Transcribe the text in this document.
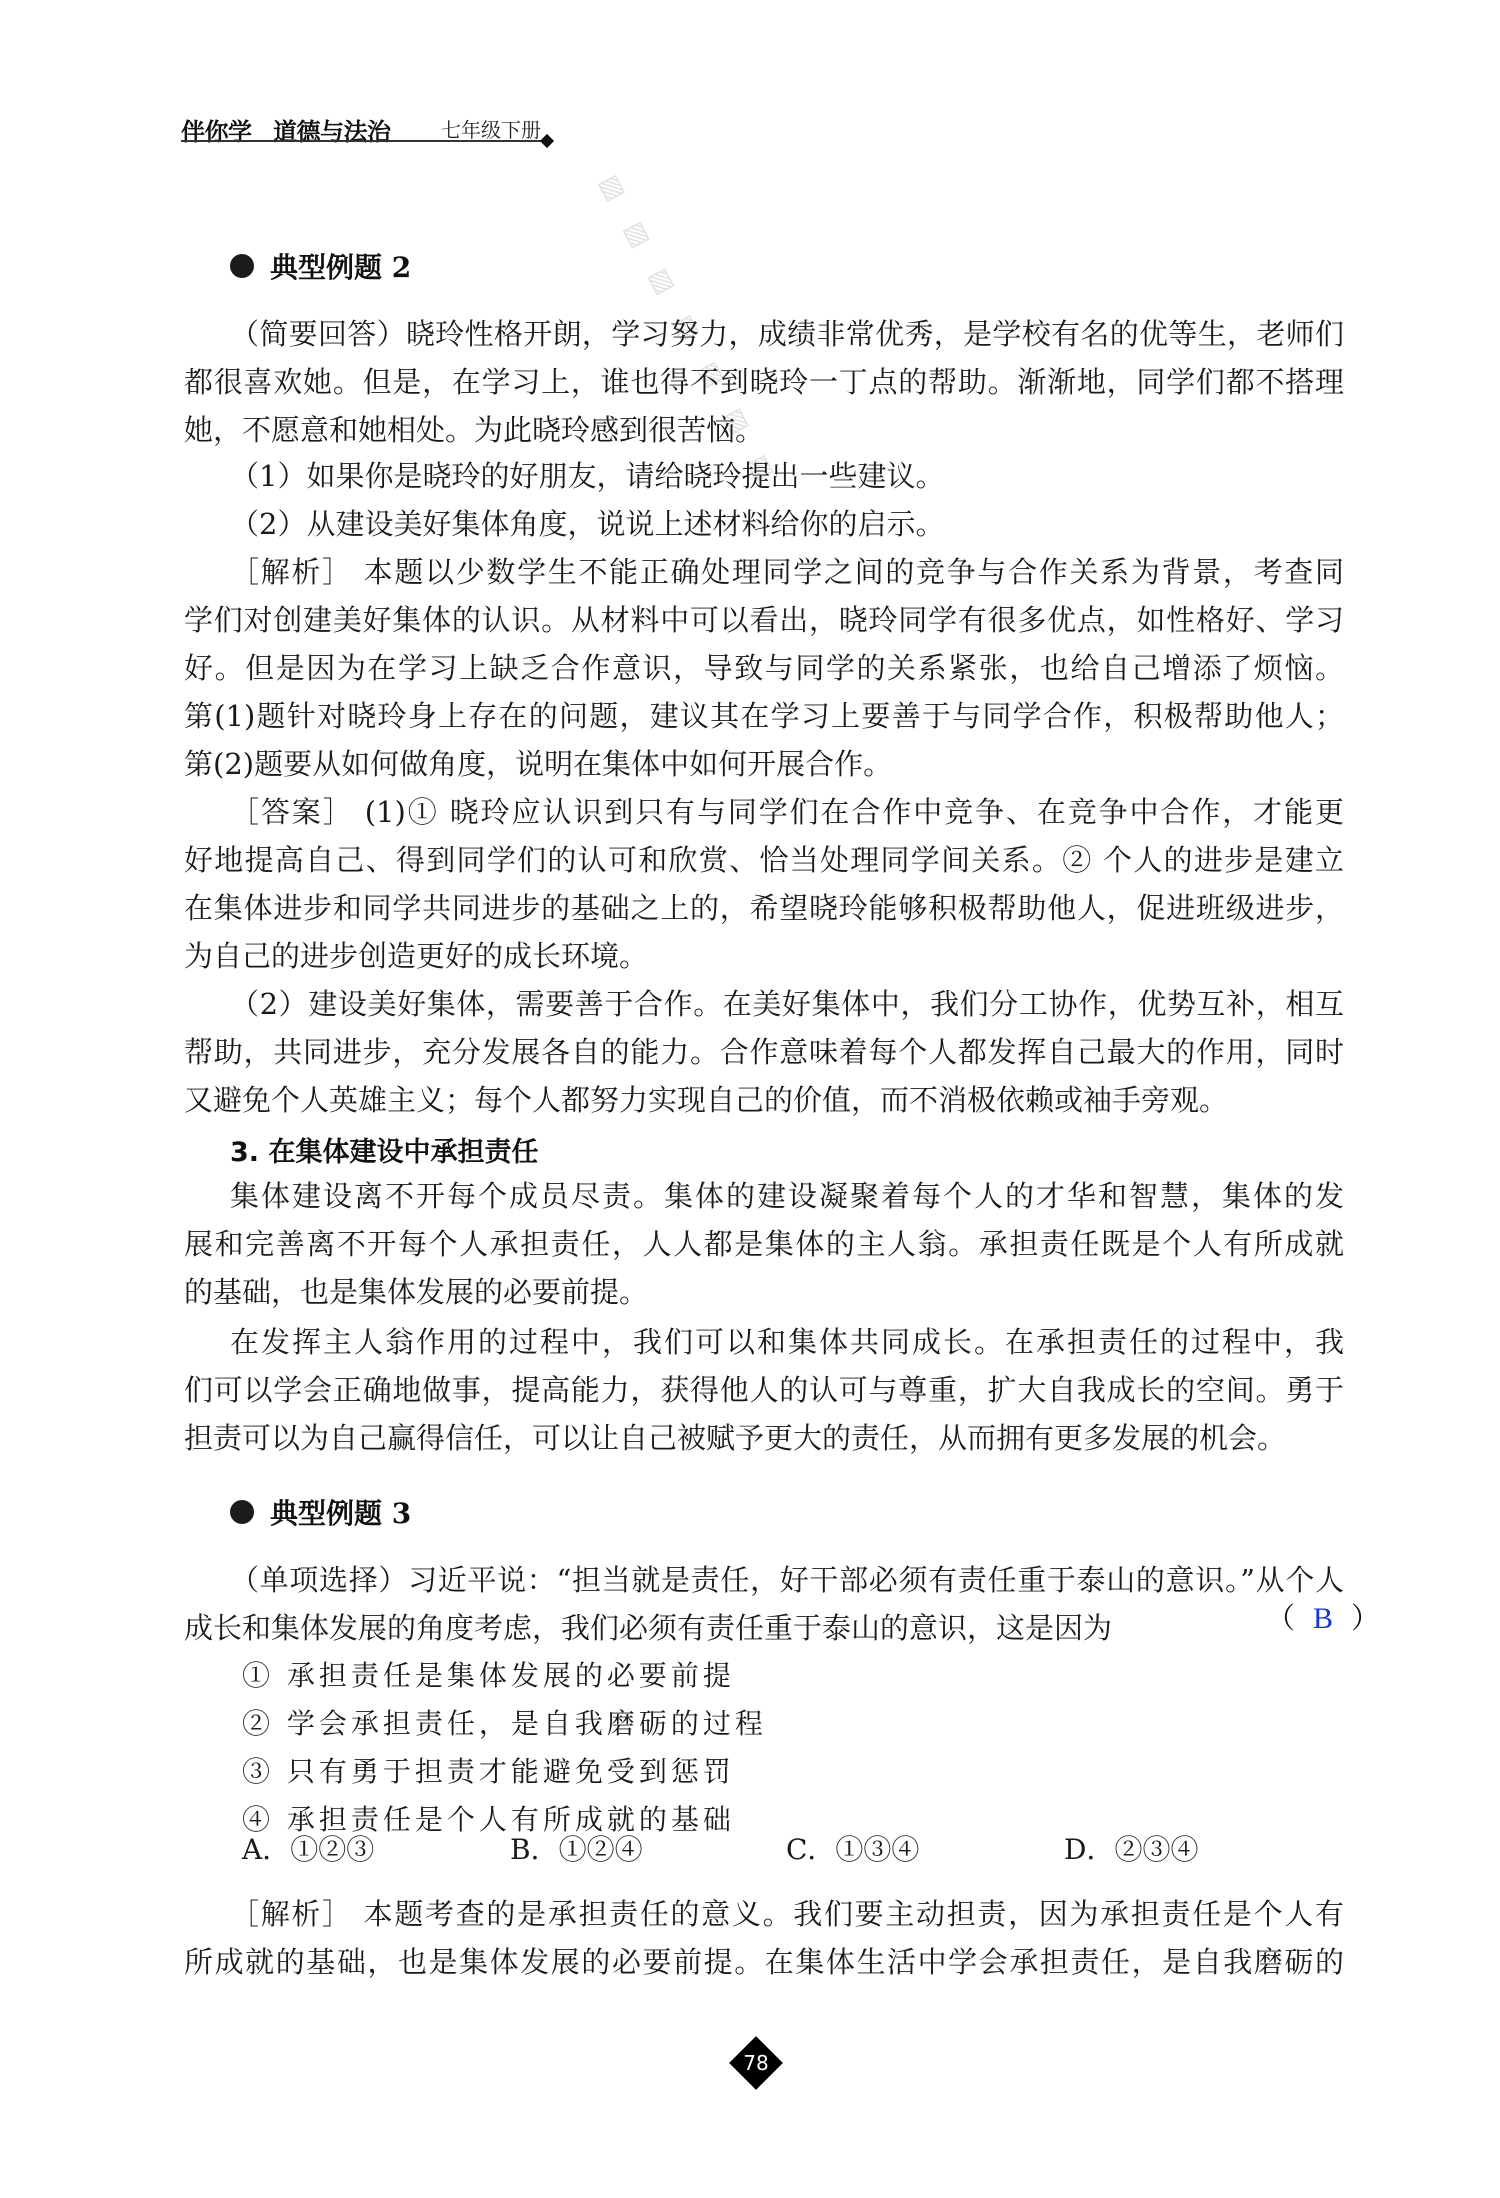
伴你学 道德与法治	七年级下册
▨ ▨ ▨ ▨ ▨ ▨ ▨
典型例题 2
（简要回答）晓玲性格开朗，学习努力，成绩非常优秀，是学校有名的优等生，老师们
都很喜欢她。但是，在学习上，谁也得不到晓玲一丁点的帮助。渐渐地，同学们都不搭理
她，不愿意和她相处。为此晓玲感到很苦恼。
（1）如果你是晓玲的好朋友，请给晓玲提出一些建议。
（2）从建设美好集体角度，说说上述材料给你的启示。
［解析］ 本题以少数学生不能正确处理同学之间的竞争与合作关系为背景，考查同
学们对创建美好集体的认识。从材料中可以看出，晓玲同学有很多优点，如性格好、学习
好。但是因为在学习上缺乏合作意识，导致与同学的关系紧张，也给自己增添了烦恼。
第(1)题针对晓玲身上存在的问题，建议其在学习上要善于与同学合作，积极帮助他人；
第(2)题要从如何做角度，说明在集体中如何开展合作。
［答案］ (1)① 晓玲应认识到只有与同学们在合作中竞争、在竞争中合作，才能更
好地提高自己、得到同学们的认可和欣赏、恰当处理同学间关系。② 个人的进步是建立
在集体进步和同学共同进步的基础之上的，希望晓玲能够积极帮助他人，促进班级进步，
为自己的进步创造更好的成长环境。
（2）建设美好集体，需要善于合作。在美好集体中，我们分工协作，优势互补，相互
帮助，共同进步，充分发展各自的能力。合作意味着每个人都发挥自己最大的作用，同时
又避免个人英雄主义；每个人都努力实现自己的价值，而不消极依赖或袖手旁观。
3. 在集体建设中承担责任
集体建设离不开每个成员尽责。集体的建设凝聚着每个人的才华和智慧，集体的发
展和完善离不开每个人承担责任，人人都是集体的主人翁。承担责任既是个人有所成就
的基础，也是集体发展的必要前提。
在发挥主人翁作用的过程中，我们可以和集体共同成长。在承担责任的过程中，我
们可以学会正确地做事，提高能力，获得他人的认可与尊重，扩大自我成长的空间。勇于
担责可以为自己赢得信任，可以让自己被赋予更大的责任，从而拥有更多发展的机会。
典型例题 3
（单项选择）习近平说：“担当就是责任，好干部必须有责任重于泰山的意识。”从个人
成长和集体发展的角度考虑，我们必须有责任重于泰山的意识，这是因为	（ B ）
① 承担责任是集体发展的必要前提
② 学会承担责任，是自我磨砺的过程
③ 只有勇于担责才能避免受到惩罚
④ 承担责任是个人有所成就的基础
A．①②③	B．①②④	C．①③④	D．②③④
［解析］ 本题考查的是承担责任的意义。我们要主动担责，因为承担责任是个人有
所成就的基础，也是集体发展的必要前提。在集体生活中学会承担责任，是自我磨砺的
78
